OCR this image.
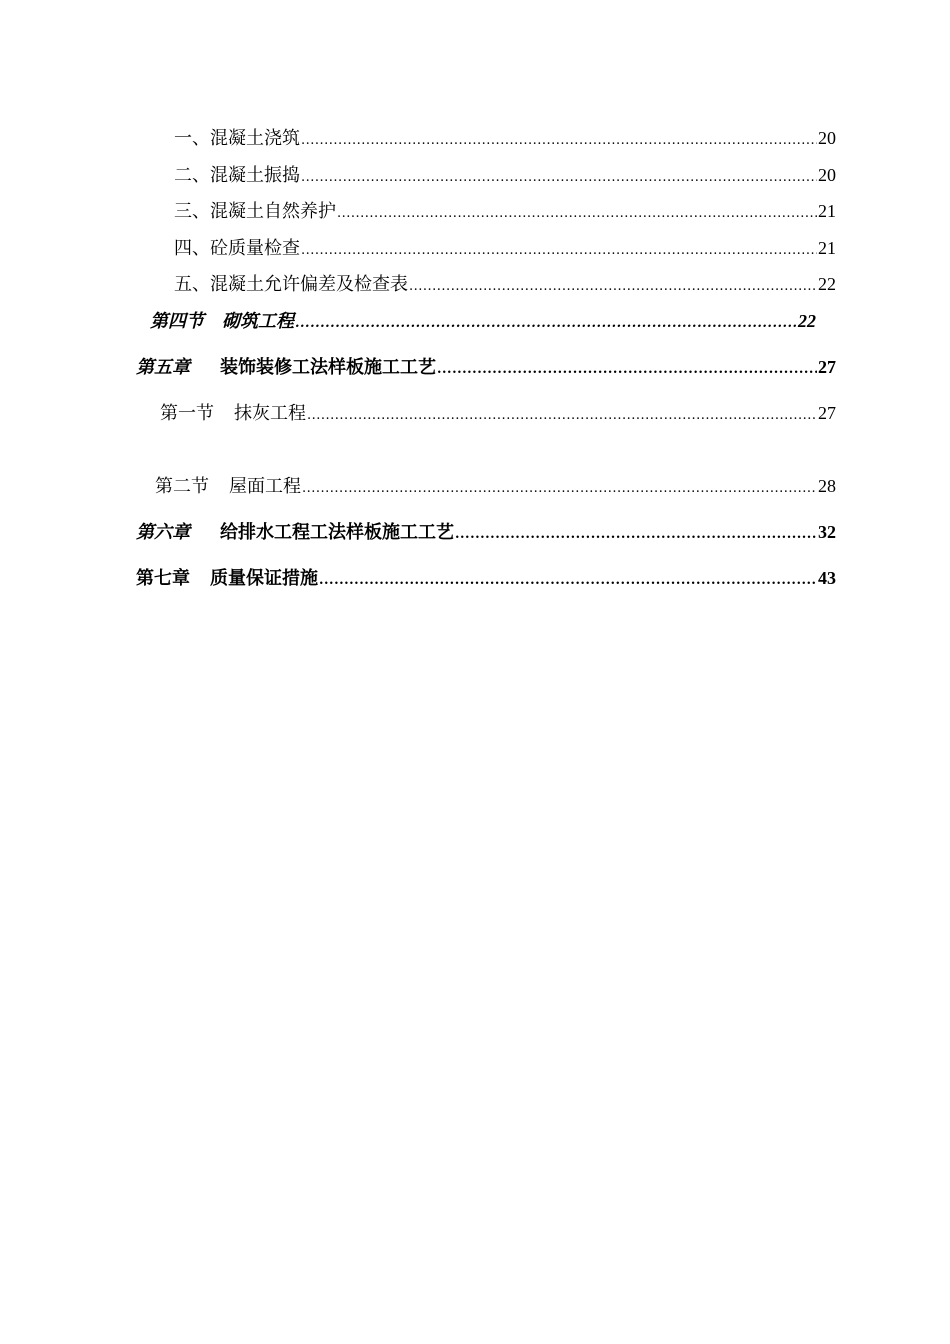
一、混凝土浇筑 .....	20
二、混凝土振捣 .....	20
三、混凝土自然养护 .....	21
四、砼质量检查 .....	21
五、混凝土允许偏差及检查表 .....	22
第四节 砌筑工程 .....	22
第五章 装饰装修工法样板施工工艺 .....	27
第一节 抹灰工程 .....	27
第二节 屋面工程 .....	28
第六章 给排水工程工法样板施工工艺 .....	32
第七章 质量保证措施 .....	43
